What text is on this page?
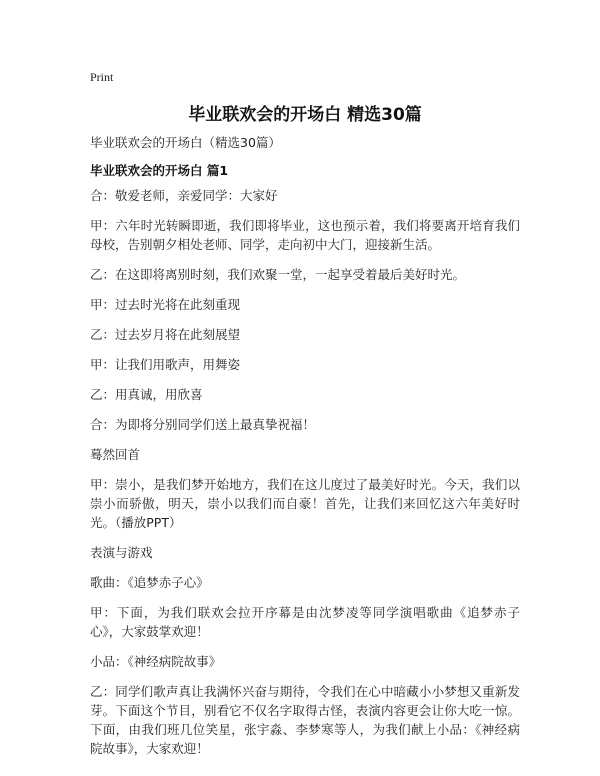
Print
毕业联欢会的开场白 精选30篇
毕业联欢会的开场白（精选30篇）
毕业联欢会的开场白 篇1

合：敬爱老师，亲爱同学：大家好

甲：六年时光转瞬即逝，我们即将毕业，这也预示着，我们将要离开培育我们母校，告别朝夕相处老师、同学，走向初中大门，迎接新生活。

乙：在这即将离别时刻，我们欢聚一堂，一起享受着最后美好时光。

甲：过去时光将在此刻重现

乙：过去岁月将在此刻展望

甲：让我们用歌声，用舞姿

乙：用真诚，用欣喜

合：为即将分别同学们送上最真挚祝福！

蓦然回首

甲：崇小，是我们梦开始地方，我们在这儿度过了最美好时光。今天，我们以崇小而骄傲，明天，崇小以我们而自豪！首先，让我们来回忆这六年美好时光。（播放PPT）

表演与游戏

歌曲：《追梦赤子心》

甲：下面，为我们联欢会拉开序幕是由沈梦凌等同学演唱歌曲《追梦赤子心》，大家鼓掌欢迎！

小品：《神经病院故事》

乙：同学们歌声真让我满怀兴奋与期待，令我们在心中暗藏小小梦想又重新发芽。下面这个节目，别看它不仅名字取得古怪，表演内容更会让你大吃一惊。下面，由我们班几位笑星，张宇淼、李梦寒等人，为我们献上小品：《神经病院故事》，大家欢迎！
